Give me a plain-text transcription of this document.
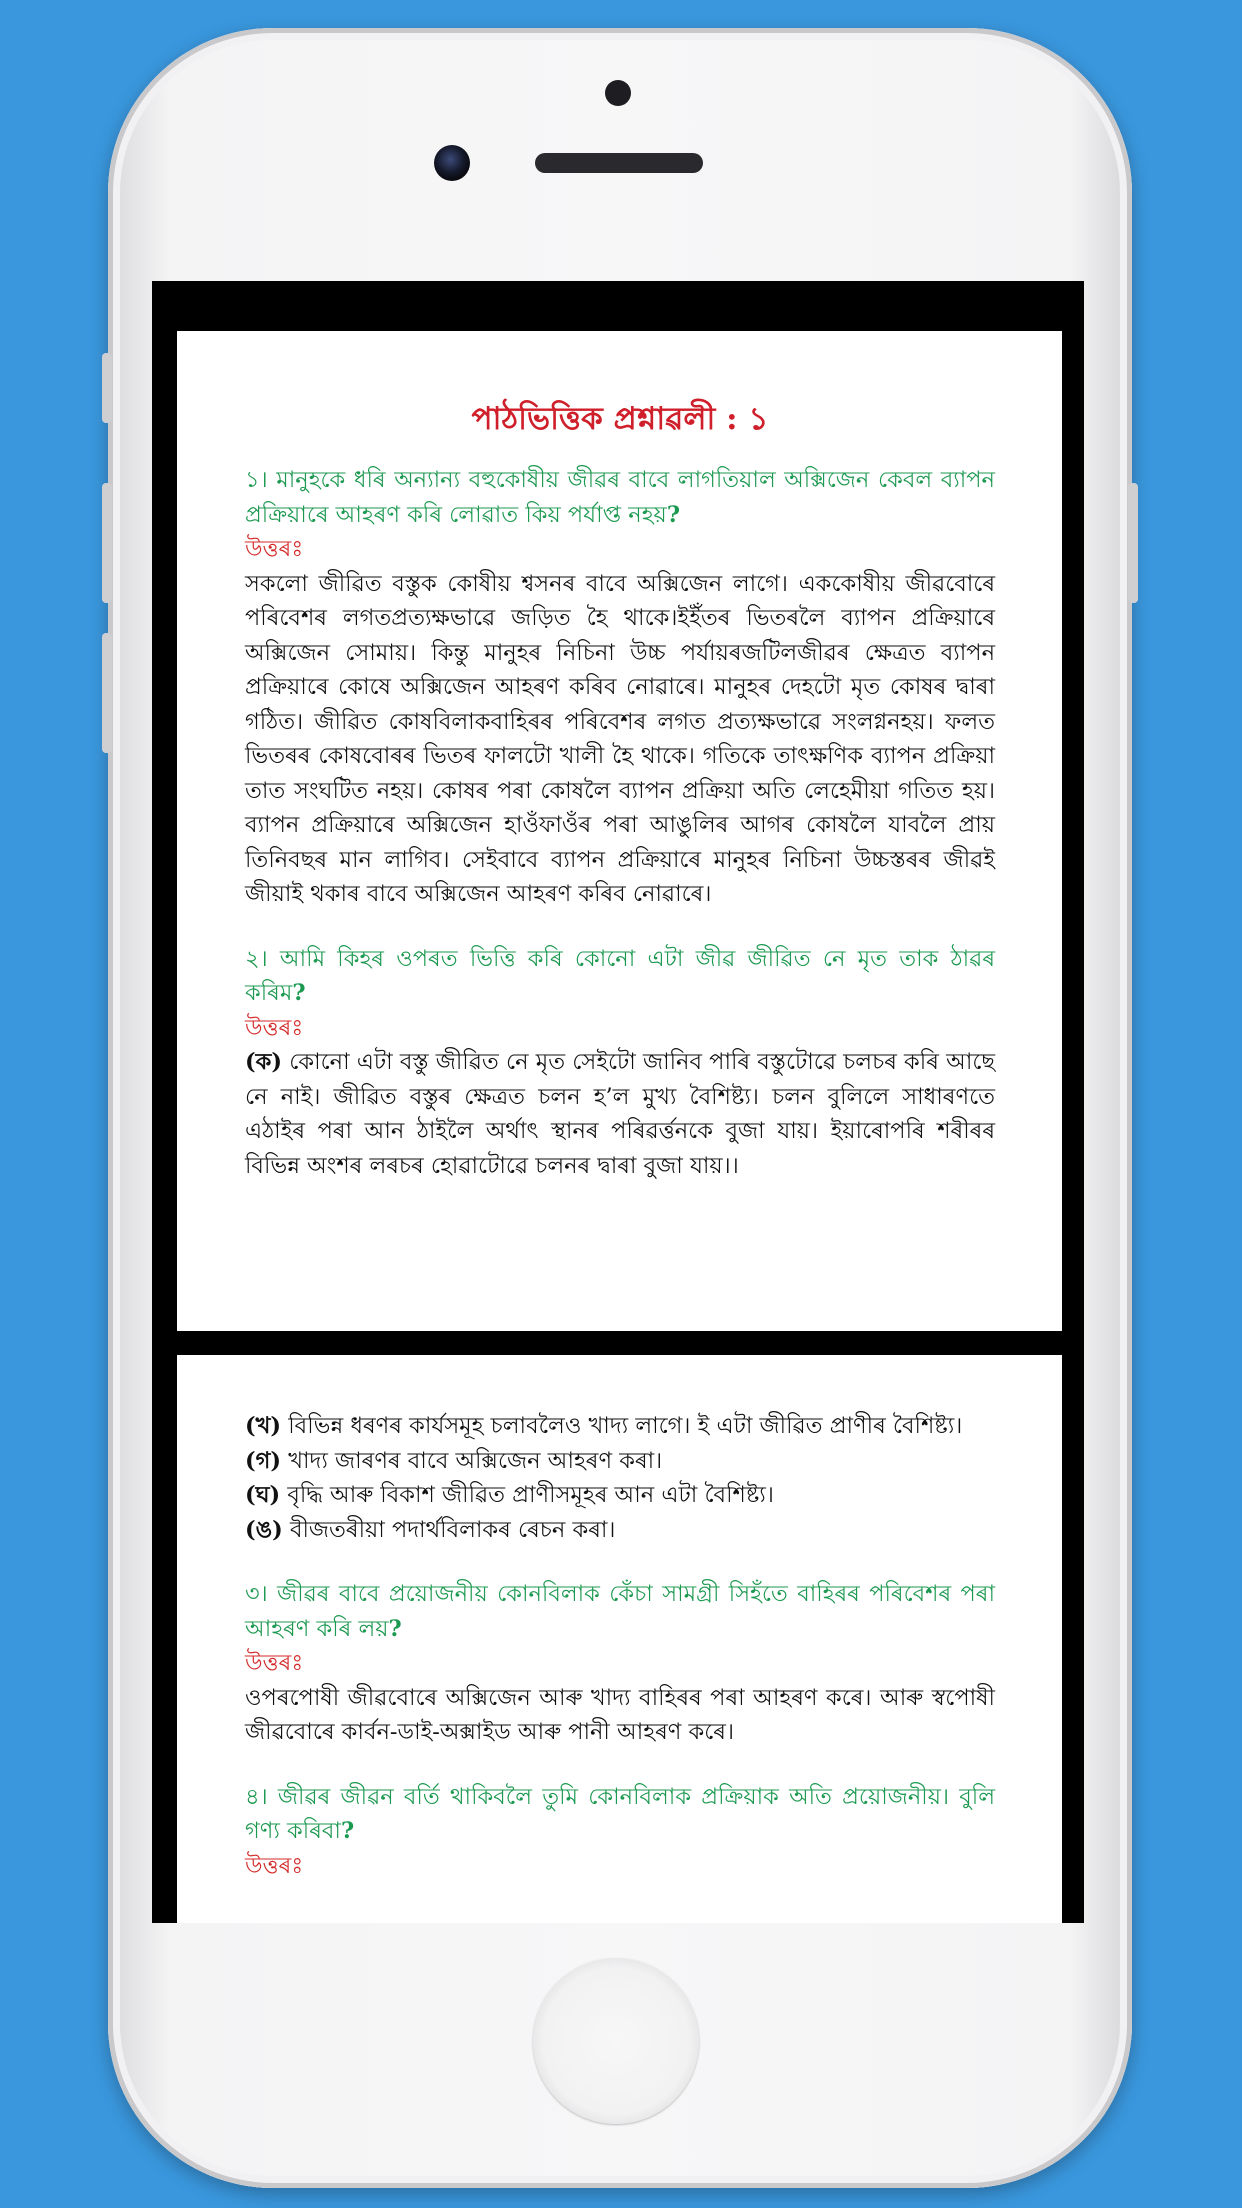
পাঠভিত্তিক প্ৰশ্নাৱলী : ১

১। মানুহকে ধৰি অন্যান্য বহুকোষীয় জীৱৰ বাবে লাগতিয়াল অক্সিজেন কেবল ব্যাপন প্ৰক্ৰিয়াৰে আহৰণ কৰি লোৱাত কিয় পৰ্যাপ্ত নহয়?

উত্তৰঃ

সকলো জীৱিত বস্তুক কোষীয় শ্বসনৰ বাবে অক্সিজেন লাগে। এককোষীয় জীৱবোৰে পৰিবেশৰ লগতপ্ৰত্যক্ষভাৱে জড়িত হৈ থাকে।ইইঁতৰ ভিতৰলৈ ব্যাপন প্ৰক্ৰিয়াৰে অক্সিজেন সোমায়। কিন্তু মানুহৰ নিচিনা উচ্চ পৰ্যায়ৰজটিলজীৱৰ ক্ষেত্ৰত ব্যাপন প্ৰক্ৰিয়াৰে কোষে অক্সিজেন আহৰণ কৰিব নোৱাৰে। মানুহৰ দেহটো মৃত কোষৰ দ্বাৰা গঠিত। জীৱিত কোষবিলাকবাহিৰৰ পৰিবেশৰ লগত প্ৰত্যক্ষভাৱে সংলগ্ননহয়। ফলত ভিতৰৰ কোষবোৰৰ ভিতৰ ফালটো খালী হৈ থাকে। গতিকে তাৎক্ষণিক ব্যাপন প্ৰক্ৰিয়া তাত সংঘটিত নহয়। কোষৰ পৰা কোষলৈ ব্যাপন প্ৰক্ৰিয়া অতি লেহেমীয়া গতিত হয়। ব্যাপন প্ৰক্ৰিয়াৰে অক্সিজেন হাওঁফাওঁৰ পৰা আঙুলিৰ আগৰ কোষলৈ যাবলৈ প্ৰায় তিনিবছৰ মান লাগিব। সেইবাবে ব্যাপন প্ৰক্ৰিয়াৰে মানুহৰ নিচিনা উচ্চস্তৰৰ জীৱই জীয়াই থকাৰ বাবে অক্সিজেন আহৰণ কৰিব নোৱাৰে।

২। আমি কিহৰ ওপৰত ভিত্তি কৰি কোনো এটা জীৱ জীৱিত নে মৃত তাক ঠাৱৰ কৰিম?

উত্তৰঃ

(ক) কোনো এটা বস্তু জীৱিত নে মৃত সেইটো জানিব পাৰি বস্তুটোৱে চলচৰ কৰি আছে নে নাই। জীৱিত বস্তুৰ ক্ষেত্ৰত চলন হ’ল মুখ্য বৈশিষ্ট্য। চলন বুলিলে সাধাৰণতে এঠাইৰ পৰা আন ঠাইলৈ অৰ্থাৎ স্থানৰ পৰিৱৰ্ত্তনকে বুজা যায়। ইয়াৰোপৰি শৰীৰৰ বিভিন্ন অংশৰ লৰচৰ হোৱাটোৱে চলনৰ দ্বাৰা বুজা যায়।।

(খ) বিভিন্ন ধৰণৰ কাৰ্যসমূহ চলাবলৈও খাদ্য লাগে। ই এটা জীৱিত প্ৰাণীৰ বৈশিষ্ট্য।

(গ) খাদ্য জাৰণৰ বাবে অক্সিজেন আহৰণ কৰা।

(ঘ) বৃদ্ধি আৰু বিকাশ জীৱিত প্ৰাণীসমূহৰ আন এটা বৈশিষ্ট্য।

(ঙ) বীজতৰীয়া পদাৰ্থবিলাকৰ ৰেচন কৰা।

৩। জীৱৰ বাবে প্ৰয়োজনীয় কোনবিলাক কেঁচা সামগ্ৰী সিহঁতে বাহিৰৰ পৰিবেশৰ পৰা আহৰণ কৰি লয়?

উত্তৰঃ

ওপৰপোষী জীৱবোৰে অক্সিজেন আৰু খাদ্য বাহিৰৰ পৰা আহৰণ কৰে। আৰু স্বপোষী জীৱবোৰে কাৰ্বন-ডাই-অক্সাইড আৰু পানী আহৰণ কৰে।

৪। জীৱৰ জীৱন বৰ্তি থাকিবলৈ তুমি কোনবিলাক প্ৰক্ৰিয়াক অতি প্ৰয়োজনীয়। বুলি গণ্য কৰিবা?

উত্তৰঃ
